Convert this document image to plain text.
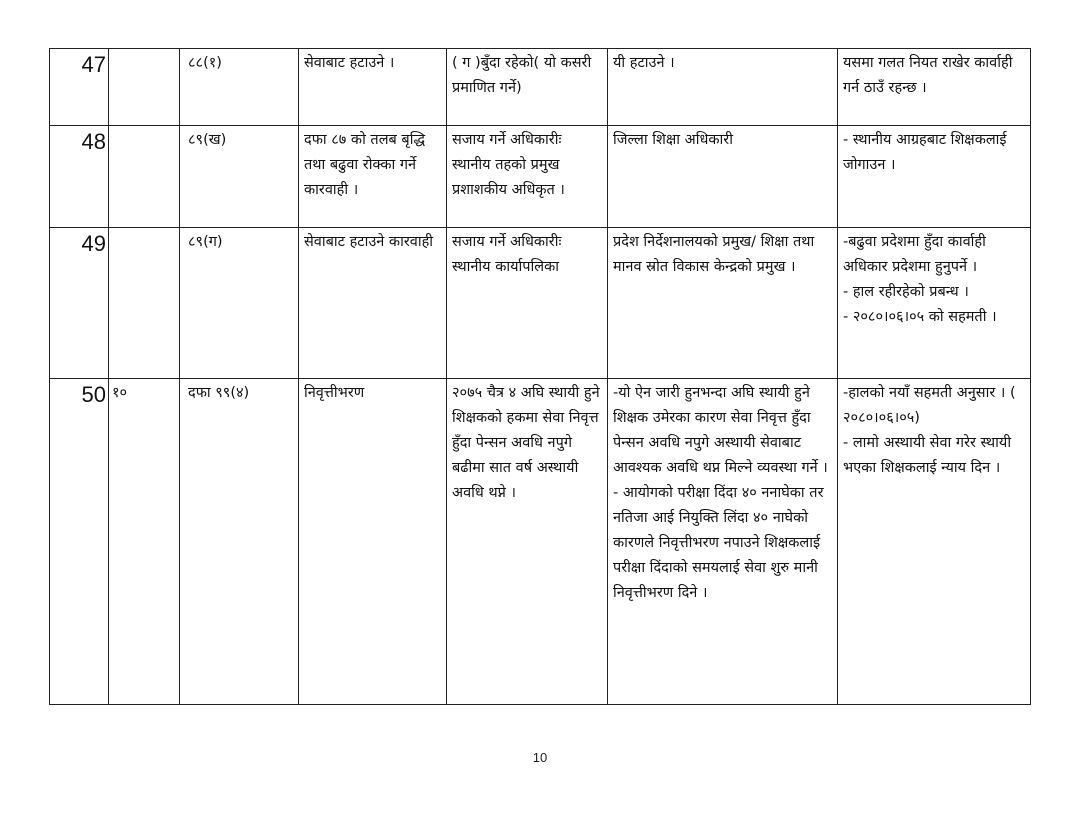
47		८८(१)	सेवाबाट हटाउने ।	( ग )बुँदा रहेको( यो कसरी प्रमाणित गर्ने)	यी हटाउने ।	यसमा गलत नियत राखेर कार्वाही गर्न ठाउँ रहन्छ ।
48		८९(ख)	दफा ८७ को तलब बृद्धि तथा बढुवा रोक्का गर्ने कारवाही ।	सजाय गर्ने अधिकारीः स्थानीय तहको प्रमुख प्रशाशकीय अधिकृत ।	जिल्ला शिक्षा अधिकारी	- स्थानीय आग्रहबाट शिक्षकलाई जोगाउन ।
49		८९(ग)	सेवाबाट हटाउने कारवाही	सजाय गर्ने अधिकारीः स्थानीय कार्यापलिका	प्रदेश निर्देशनालयको प्रमुख/ शिक्षा तथा मानव स्रोत विकास केन्द्रको प्रमुख ।	-बढुवा प्रदेशमा हुँदा कार्वाही अधिकार प्रदेशमा हुनुपर्ने ।
- हाल रहीरहेको प्रबन्ध ।
- २०८०।०६।०५ को सहमती ।
50	१०	दफा ९९(४)	निवृत्तीभरण	२०७५ चैत्र ४ अघि स्थायी हुने शिक्षकको हकमा सेवा निवृत्त हुँदा पेन्सन अवधि नपुगे बढीमा सात वर्ष अस्थायी अवधि थप्ने ।	-यो ऐन जारी हुनभन्दा अघि स्थायी हुने शिक्षक उमेरका कारण सेवा निवृत्त हुँदा पेन्सन अवधि नपुगे अस्थायी सेवाबाट आवश्यक अवधि थप्न मिल्ने व्यवस्था गर्ने ।
- आयोगको परीक्षा दिंदा ४० ननाघेका तर नतिजा आई नियुक्ति लिंदा ४० नाघेको कारणले निवृत्तीभरण नपाउने शिक्षकलाई परीक्षा दिंदाको समयलाई सेवा शुरु मानी निवृत्तीभरण दिने ।	-हालको नयाँ सहमती अनुसार । ( २०८०।०६।०५)
- लामो अस्थायी सेवा गरेर स्थायी भएका शिक्षकलाई न्याय दिन ।
10
